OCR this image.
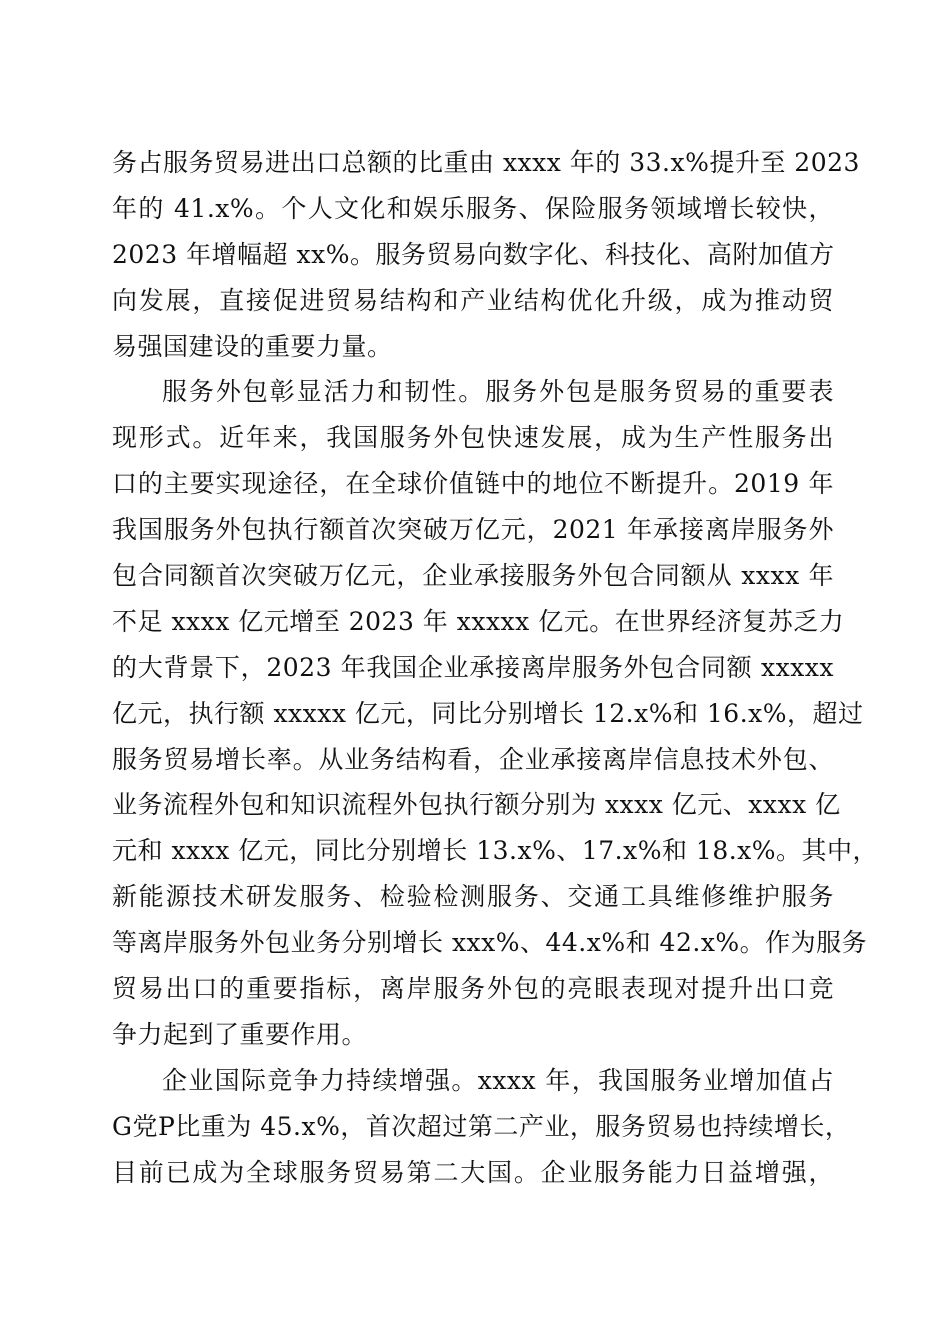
务占服务贸易进出口总额的比重由 xxxx 年的 33.x%提升至 2023
年的 41.x%。个人文化和娱乐服务、保险服务领域增长较快，
2023 年增幅超 xx%。服务贸易向数字化、科技化、高附加值方
向发展，直接促进贸易结构和产业结构优化升级，成为推动贸
易强国建设的重要力量。
服务外包彰显活力和韧性。服务外包是服务贸易的重要表
现形式。近年来，我国服务外包快速发展，成为生产性服务出
口的主要实现途径，在全球价值链中的地位不断提升。2019 年
我国服务外包执行额首次突破万亿元，2021 年承接离岸服务外
包合同额首次突破万亿元，企业承接服务外包合同额从 xxxx 年
不足 xxxx 亿元增至 2023 年 xxxxx 亿元。在世界经济复苏乏力
的大背景下，2023 年我国企业承接离岸服务外包合同额 xxxxx
亿元，执行额 xxxxx 亿元，同比分别增长 12.x%和 16.x%，超过
服务贸易增长率。从业务结构看，企业承接离岸信息技术外包、
业务流程外包和知识流程外包执行额分别为 xxxx 亿元、xxxx 亿
元和 xxxx 亿元，同比分别增长 13.x%、17.x%和 18.x%。其中，
新能源技术研发服务、检验检测服务、交通工具维修维护服务
等离岸服务外包业务分别增长 xxx%、44.x%和 42.x%。作为服务
贸易出口的重要指标，离岸服务外包的亮眼表现对提升出口竞
争力起到了重要作用。
企业国际竞争力持续增强。xxxx 年，我国服务业增加值占
G党P比重为 45.x%，首次超过第二产业，服务贸易也持续增长，
目前已成为全球服务贸易第二大国。企业服务能力日益增强，
